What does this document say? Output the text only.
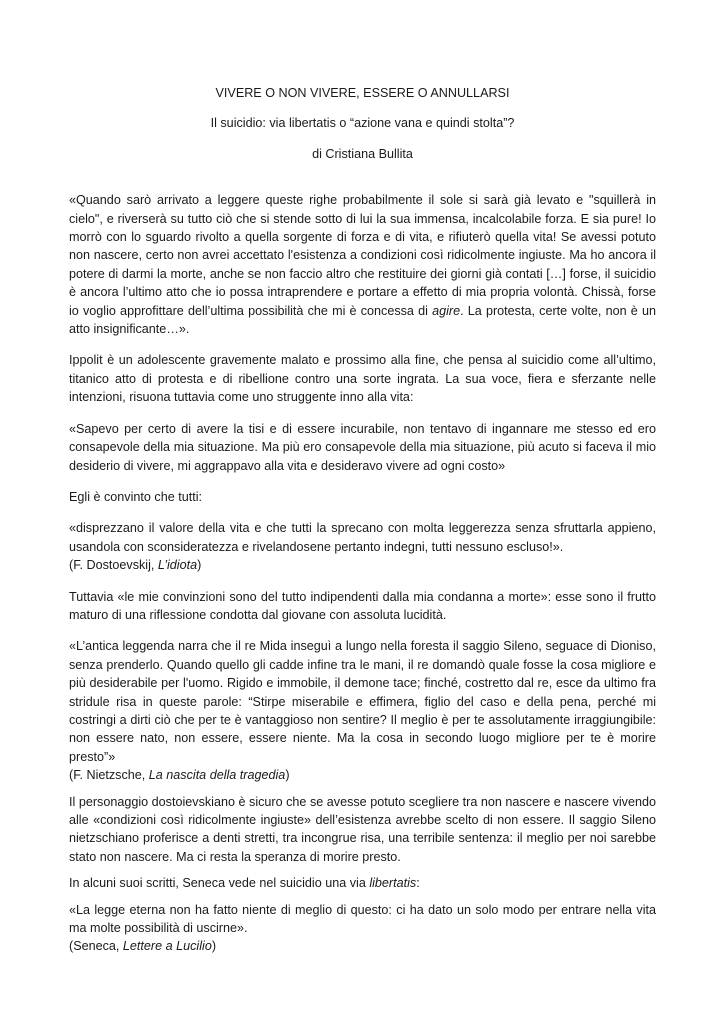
VIVERE O NON VIVERE, ESSERE O ANNULLARSI

Il suicidio: via libertatis o “azione vana e quindi stolta”?

di Cristiana Bullita

«Quando sarò arrivato a leggere queste righe probabilmente il sole si sarà già levato e "squillerà in cielo", e riverserà su tutto ciò che si stende sotto di lui la sua immensa, incalcolabile forza. E sia pure! Io morrò con lo sguardo rivolto a quella sorgente di forza e di vita, e rifiuterò quella vita! Se avessi potuto non nascere, certo non avrei accettato l'esistenza a condizioni così ridicolmente ingiuste. Ma ho ancora il potere di darmi la morte, anche se non faccio altro che restituire dei giorni già contati […] forse, il suicidio è ancora l’ultimo atto che io possa intraprendere e portare a effetto di mia propria volontà. Chissà, forse io voglio approfittare dell’ultima possibilità che mi è concessa di agire. La protesta, certe volte, non è un atto insignificante…».

Ippolit è un adolescente gravemente malato e prossimo alla fine, che pensa al suicidio come all’ultimo, titanico atto di protesta e di ribellione contro una sorte ingrata. La sua voce, fiera e sferzante nelle intenzioni, risuona tuttavia come uno struggente inno alla vita:

«Sapevo per certo di avere la tisi e di essere incurabile, non tentavo di ingannare me stesso ed ero consapevole della mia situazione. Ma più ero consapevole della mia situazione, più acuto si faceva il mio desiderio di vivere, mi aggrappavo alla vita e desideravo vivere ad ogni costo»

Egli è convinto che tutti:

«disprezzano il valore della vita e che tutti la sprecano con molta leggerezza senza sfruttarla appieno, usandola con sconsideratezza e rivelandosene pertanto indegni, tutti nessuno escluso!».
(F. Dostoevskij, L’idiota)

Tuttavia «le mie convinzioni sono del tutto indipendenti dalla mia condanna a morte»: esse sono il frutto maturo di una riflessione condotta dal giovane con assoluta lucidità.

«L’antica leggenda narra che il re Mida inseguì a lungo nella foresta il saggio Sileno, seguace di Dioniso, senza prenderlo. Quando quello gli cadde infine tra le mani, il re domandò quale fosse la cosa migliore e più desiderabile per l'uomo. Rigido e immobile, il demone tace; finché, costretto dal re, esce da ultimo fra stridule risa in queste parole: “Stirpe miserabile e effimera, figlio del caso e della pena, perché mi costringi a dirti ciò che per te è vantaggioso non sentire? Il meglio è per te assolutamente irraggiungibile: non essere nato, non essere, essere niente. Ma la cosa in secondo luogo migliore per te è morire presto”»
(F. Nietzsche, La nascita della tragedia)

Il personaggio dostoievskiano è sicuro che se avesse potuto scegliere tra non nascere e nascere vivendo alle «condizioni così ridicolmente ingiuste» dell’esistenza avrebbe scelto di non essere. Il saggio Sileno nietzschiano proferisce a denti stretti, tra incongrue risa, una terribile sentenza: il meglio per noi sarebbe stato non nascere. Ma ci resta la speranza di morire presto.

In alcuni suoi scritti, Seneca vede nel suicidio una via libertatis:

«La legge eterna non ha fatto niente di meglio di questo: ci ha dato un solo modo per entrare nella vita ma molte possibilità di uscirne».
(Seneca, Lettere a Lucilio)
